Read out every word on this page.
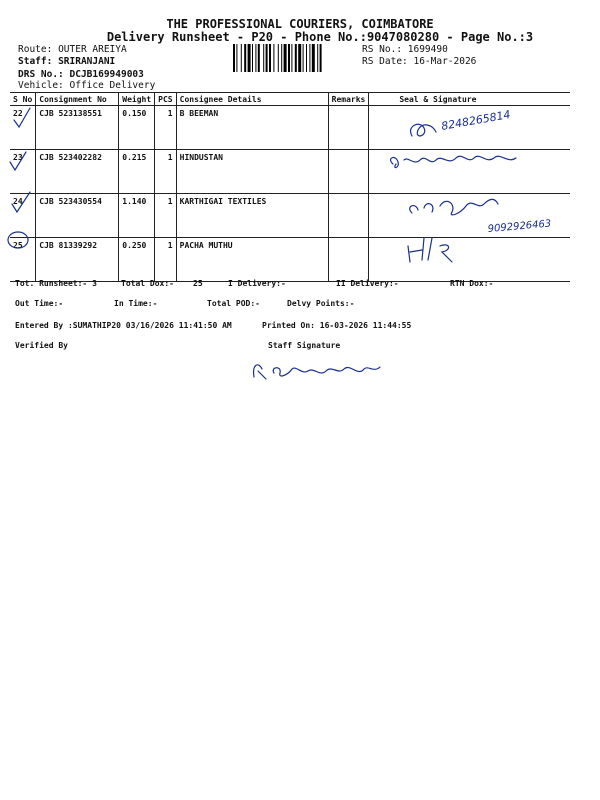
THE PROFESSIONAL COURIERS, COIMBATORE
Delivery Runsheet - P20 - Phone No.:9047080280 - Page No.:3
Route: OUTER AREIYA
Staff: SRIRANJANI
DRS No.: DCJB169949003
Vehicle: Office Delivery
RS No.: 1699490
RS Date: 16-Mar-2026
S No	Consignment No	Weight	PCS	Consignee Details	Remarks	Seal & Signature
22	CJB 523138551	0.150	1	B BEEMAN		
23	CJB 523402282	0.215	1	HINDUSTAN		
24	CJB 523430554	1.140	1	KARTHIGAI TEXTILES		
25	CJB 81339292	0.250	1	PACHA MUTHU		
8248265814
9092926463
Tot. Runsheet:- 3	Total Dox:- 25	I Delivery:-	II Delivery:-	RTN Dox:-
Out Time:-	In Time:-	Total POD:-	Delvy Points:-
Entered By :SUMATHIP20 03/16/2026 11:41:50 AM	Printed On: 16-03-2026 11:44:55
Verified By	Staff Signature
